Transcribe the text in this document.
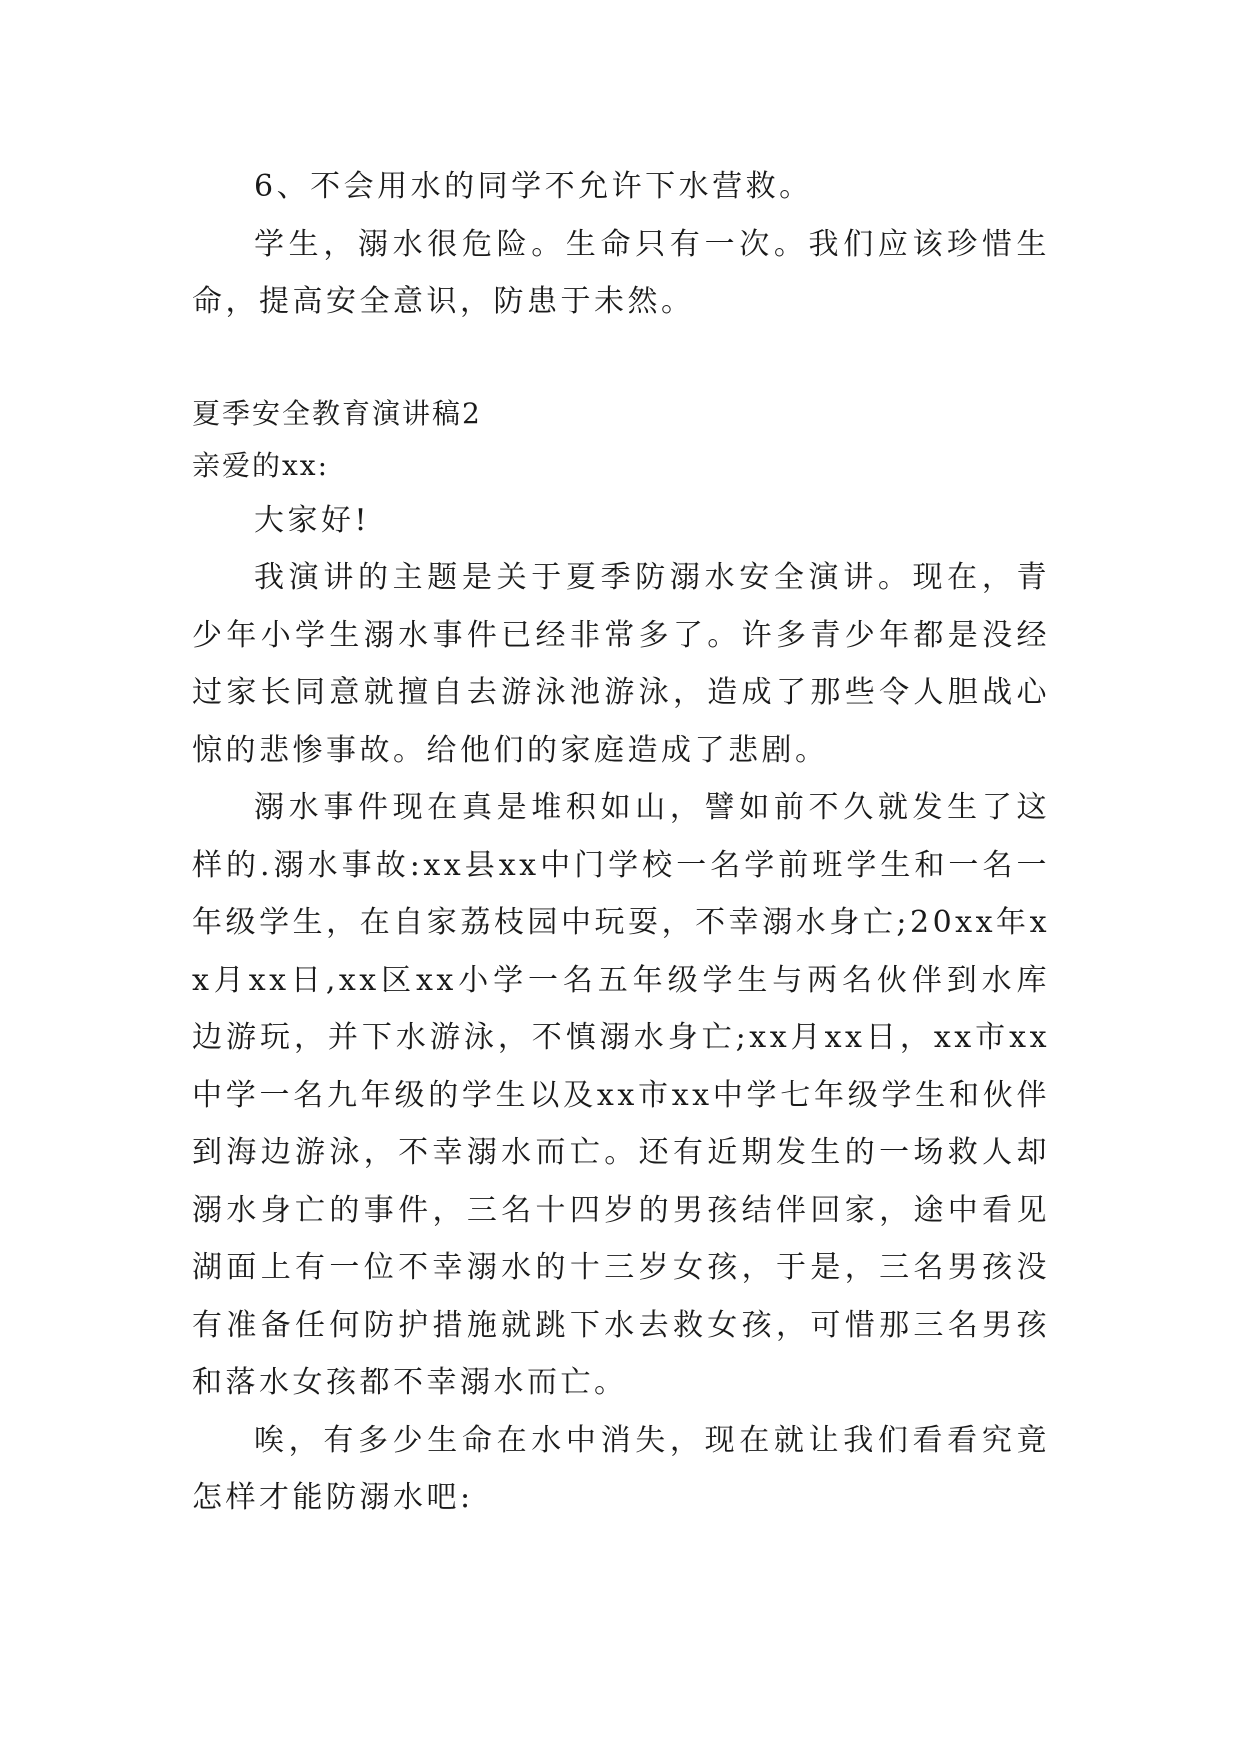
6、不会用水的同学不允许下水营救。

学生，溺水很危险。生命只有一次。我们应该珍惜生命，提高安全意识，防患于未然。

夏季安全教育演讲稿2

亲爱的xx:

大家好!

我演讲的主题是关于夏季防溺水安全演讲。现在，青少年小学生溺水事件已经非常多了。许多青少年都是没经过家长同意就擅自去游泳池游泳，造成了那些令人胆战心惊的悲惨事故。给他们的家庭造成了悲剧。

溺水事件现在真是堆积如山，譬如前不久就发生了这样的.溺水事故:xx县xx中门学校一名学前班学生和一名一年级学生，在自家荔枝园中玩耍，不幸溺水身亡;20xx年xx月xx日,xx区xx小学一名五年级学生与两名伙伴到水库边游玩，并下水游泳，不慎溺水身亡;xx月xx日，xx市xx中学一名九年级的学生以及xx市xx中学七年级学生和伙伴到海边游泳，不幸溺水而亡。还有近期发生的一场救人却溺水身亡的事件，三名十四岁的男孩结伴回家，途中看见湖面上有一位不幸溺水的十三岁女孩，于是，三名男孩没有准备任何防护措施就跳下水去救女孩，可惜那三名男孩和落水女孩都不幸溺水而亡。

唉，有多少生命在水中消失，现在就让我们看看究竟怎样才能防溺水吧:
